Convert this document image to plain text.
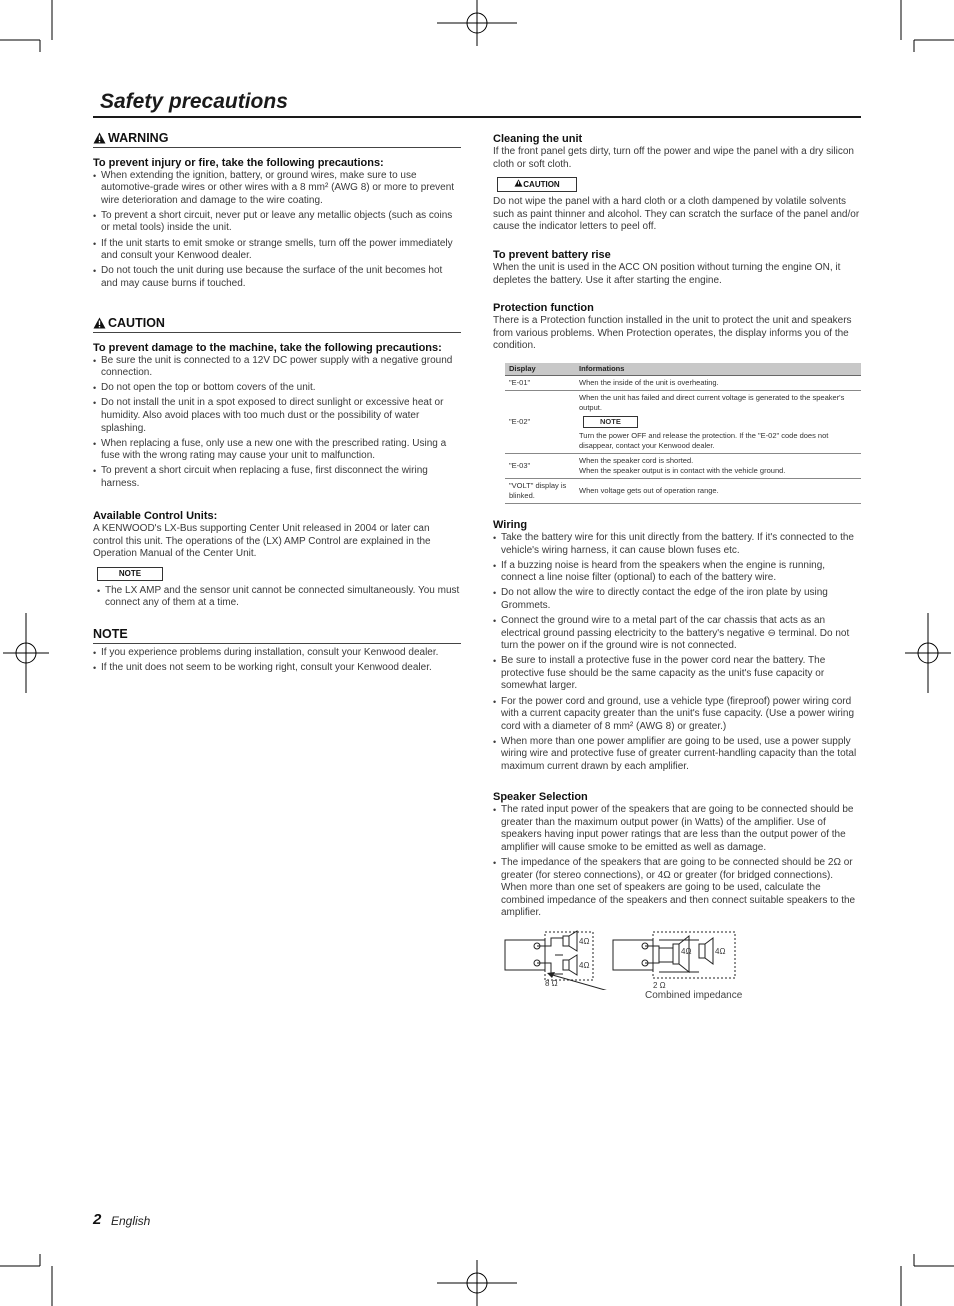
Safety precautions
WARNING
To prevent injury or fire, take the following precautions:
• When extending the ignition, battery, or ground wires, make sure to use automotive-grade wires or other wires with a 8 mm² (AWG 8) or more to prevent wire deterioration and damage to the wire coating.
• To prevent a short circuit, never put or leave any metallic objects (such as coins or metal tools) inside the unit.
• If the unit starts to emit smoke or strange smells, turn off the power immediately and consult your Kenwood dealer.
• Do not touch the unit during use because the surface of the unit becomes hot and may cause burns if touched.
CAUTION
To prevent damage to the machine, take the following precautions:
• Be sure the unit is connected to a 12V DC power supply with a negative ground connection.
• Do not open the top or bottom covers of the unit.
• Do not install the unit in a spot exposed to direct sunlight or excessive heat or humidity. Also avoid places with too much dust or the possibility of water splashing.
• When replacing a fuse, only use a new one with the prescribed rating. Using a fuse with the wrong rating may cause your unit to malfunction.
• To prevent a short circuit when replacing a fuse, first disconnect the wiring harness.
Available Control Units:

A KENWOOD's LX-Bus supporting Center Unit released in 2004 or later can control this unit. The operations of the (LX) AMP Control are explained in the Operation Manual of the Center Unit.

NOTE
• The LX AMP and the sensor unit cannot be connected simultaneously. You must connect any of them at a time.
NOTE
• If you experience problems during installation, consult your Kenwood dealer.
• If the unit does not seem to be working right, consult your Kenwood dealer.
Cleaning the unit

If the front panel gets dirty, turn off the power and wipe the panel with a dry silicon cloth or soft cloth.

CAUTION

Do not wipe the panel with a hard cloth or a cloth dampened by volatile solvents such as paint thinner and alcohol. They can scratch the surface of the panel and/or cause the indicator letters to peel off.

To prevent battery rise

When the unit is used in the ACC ON position without turning the engine ON, it depletes the battery. Use it after starting the engine.

Protection function

There is a Protection function installed in the unit to protect the unit and speakers from various problems. When Protection operates, the display informs you of the condition.

Display	Informations
"E-01"	When the inside of the unit is overheating.
"E-02"	When the unit has failed and direct current voltage is generated to the speaker's output.
NOTE
Turn the power OFF and release the protection. If the "E-02" code does not disappear, contact your Kenwood dealer.

"E-03"	When the speaker cord is shorted.
When the speaker output is in contact with the vehicle ground.

"VOLT" display is blinked.	When voltage gets out of operation range.
Wiring
• Take the battery wire for this unit directly from the battery. If it's connected to the vehicle's wiring harness, it can cause blown fuses etc.
• If a buzzing noise is heard from the speakers when the engine is running, connect a line noise filter (optional) to each of the battery wire.
• Do not allow the wire to directly contact the edge of the iron plate by using Grommets.
• Connect the ground wire to a metal part of the car chassis that acts as an electrical ground passing electricity to the battery's negative ⊖ terminal. Do not turn the power on if the ground wire is not connected.
• Be sure to install a protective fuse in the power cord near the battery. The protective fuse should be the same capacity as the unit's fuse capacity or somewhat larger.
• For the power cord and ground, use a vehicle type (fireproof) power wiring cord with a current capacity greater than the unit's fuse capacity. (Use a power wiring cord with a diameter of 8 mm² (AWG 8) or greater.)
• When more than one power amplifier are going to be used, use a power supply wiring wire and protective fuse of greater current-handling capacity than the total maximum current drawn by each amplifier.
Speaker Selection
• The rated input power of the speakers that are going to be connected should be greater than the maximum output power (in Watts) of the amplifier. Use of speakers having input power ratings that are less than the output power of the amplifier will cause smoke to be emitted as well as damage.
• The impedance of the speakers that are going to be connected should be 2Ω or greater (for stereo connections), or 4Ω or greater (for bridged connections). When more than one set of speakers are going to be used, calculate the combined impedance of the speakers and then connect suitable speakers to the amplifier.
4Ω
4Ω
8 Ω
4Ω	4Ω
2 Ω
Combined impedance
2 English
